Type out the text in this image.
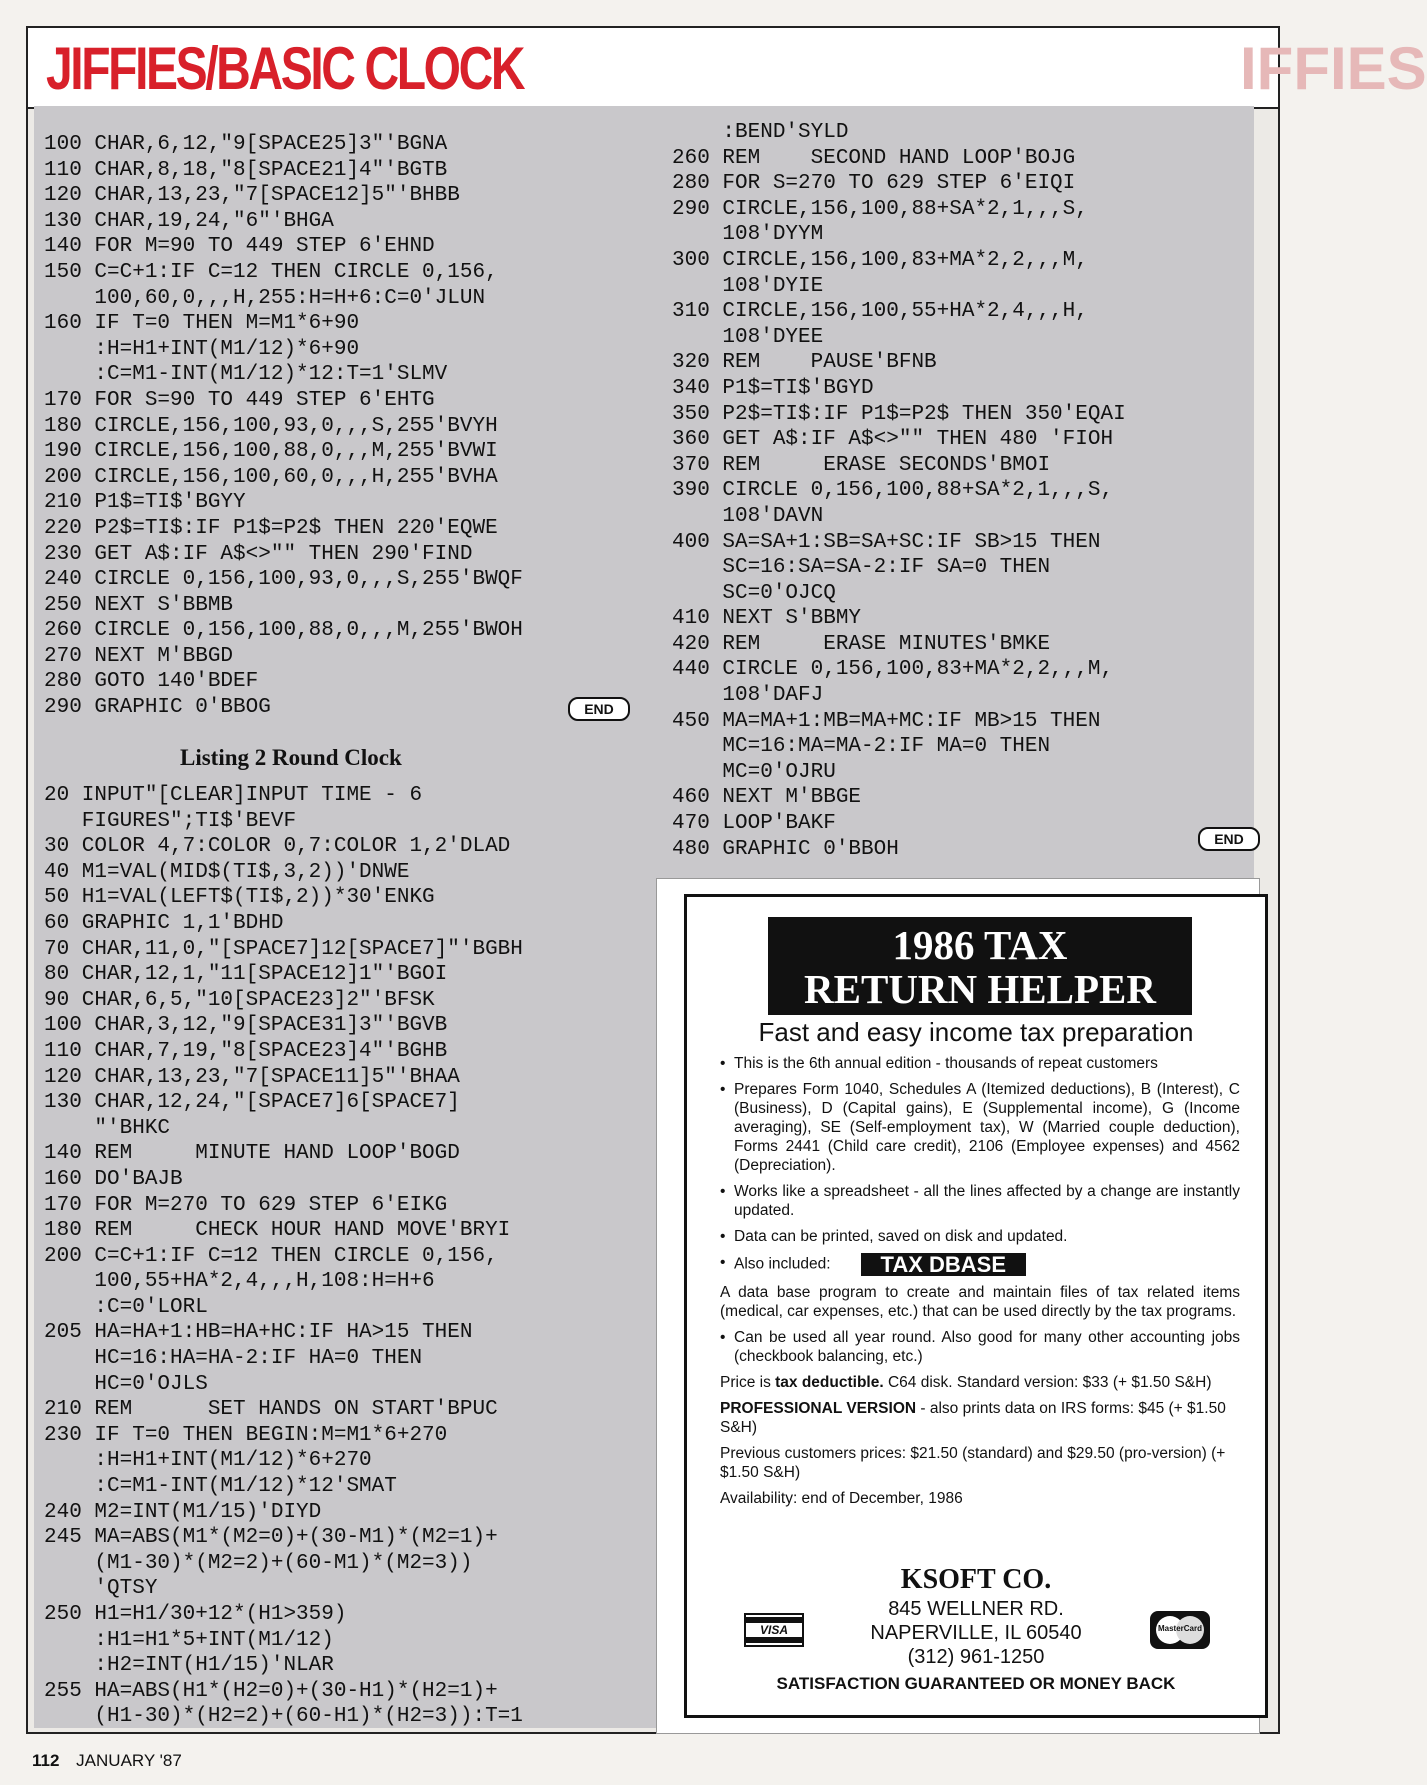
JIFFIES/BASIC CLOCK	IFFIES
100 CHAR,6,12,"9[SPACE25]3"'BGNA
110 CHAR,8,18,"8[SPACE21]4"'BGTB
120 CHAR,13,23,"7[SPACE12]5"'BHBB
130 CHAR,19,24,"6"'BHGA
140 FOR M=90 TO 449 STEP 6'EHND
150 C=C+1:IF C=12 THEN CIRCLE 0,156,
100,60,0,,,H,255:H=H+6:C=0'JLUN
160 IF T=0 THEN M=M1*6+90
:H=H1+INT(M1/12)*6+90
:C=M1-INT(M1/12)*12:T=1'SLMV
170 FOR S=90 TO 449 STEP 6'EHTG
180 CIRCLE,156,100,93,0,,,S,255'BVYH
190 CIRCLE,156,100,88,0,,,M,255'BVWI
200 CIRCLE,156,100,60,0,,,H,255'BVHA
210 P1$=TI$'BGYY
220 P2$=TI$:IF P1$=P2$ THEN 220'EQWE
230 GET A$:IF A$<>"" THEN 290'FIND
240 CIRCLE 0,156,100,93,0,,,S,255'BWQF
250 NEXT S'BBMB
260 CIRCLE 0,156,100,88,0,,,M,255'BWOH
270 NEXT M'BBGD
280 GOTO 140'BDEF
290 GRAPHIC 0'BBOG	END
Listing 2 Round Clock
20 INPUT"[CLEAR]INPUT TIME - 6
FIGURES";TI$'BEVF
30 COLOR 4,7:COLOR 0,7:COLOR 1,2'DLAD
40 M1=VAL(MID$(TI$,3,2))'DNWE
50 H1=VAL(LEFT$(TI$,2))*30'ENKG
60 GRAPHIC 1,1'BDHD
70 CHAR,11,0,"[SPACE7]12[SPACE7]"'BGBH
80 CHAR,12,1,"11[SPACE12]1"'BGOI
90 CHAR,6,5,"10[SPACE23]2"'BFSK
100 CHAR,3,12,"9[SPACE31]3"'BGVB
110 CHAR,7,19,"8[SPACE23]4"'BGHB
120 CHAR,13,23,"7[SPACE11]5"'BHAA
130 CHAR,12,24,"[SPACE7]6[SPACE7]
"'BHKC
140 REM     MINUTE HAND LOOP'BOGD
160 DO'BAJB
170 FOR M=270 TO 629 STEP 6'EIKG
180 REM     CHECK HOUR HAND MOVE'BRYI
200 C=C+1:IF C=12 THEN CIRCLE 0,156,
100,55+HA*2,4,,,H,108:H=H+6
:C=0'LORL
205 HA=HA+1:HB=HA+HC:IF HA>15 THEN
HC=16:HA=HA-2:IF HA=0 THEN
HC=0'OJLS
210 REM      SET HANDS ON START'BPUC
230 IF T=0 THEN BEGIN:M=M1*6+270
:H=H1+INT(M1/12)*6+270
:C=M1-INT(M1/12)*12'SMAT
240 M2=INT(M1/15)'DIYD
245 MA=ABS(M1*(M2=0)+(30-M1)*(M2=1)+
(M1-30)*(M2=2)+(60-M1)*(M2=3))
'QTSY
250 H1=H1/30+12*(H1>359)
:H1=H1*5+INT(M1/12)
:H2=INT(H1/15)'NLAR
255 HA=ABS(H1*(H2=0)+(30-H1)*(H2=1)+
(H1-30)*(H2=2)+(60-H1)*(H2=3)):T=1
:BEND'SYLD
260 REM    SECOND HAND LOOP'BOJG
280 FOR S=270 TO 629 STEP 6'EIQI
290 CIRCLE,156,100,88+SA*2,1,,,S,
108'DYYM
300 CIRCLE,156,100,83+MA*2,2,,,M,
108'DYIE
310 CIRCLE,156,100,55+HA*2,4,,,H,
108'DYEE
320 REM    PAUSE'BFNB
340 P1$=TI$'BGYD
350 P2$=TI$:IF P1$=P2$ THEN 350'EQAI
360 GET A$:IF A$<>"" THEN 480 'FIOH
370 REM     ERASE SECONDS'BMOI
390 CIRCLE 0,156,100,88+SA*2,1,,,S,
108'DAVN
400 SA=SA+1:SB=SA+SC:IF SB>15 THEN
SC=16:SA=SA-2:IF SA=0 THEN
SC=0'OJCQ
410 NEXT S'BBMY
420 REM     ERASE MINUTES'BMKE
440 CIRCLE 0,156,100,83+MA*2,2,,,M,
108'DAFJ
450 MA=MA+1:MB=MA+MC:IF MB>15 THEN
MC=16:MA=MA-2:IF MA=0 THEN
MC=0'OJRU
460 NEXT M'BBGE
470 LOOP'BAKF
480 GRAPHIC 0'BBOH	END
1986 TAX
RETURN HELPER
Fast and easy income tax preparation
• This is the 6th annual edition - thousands of repeat customers
• Prepares Form 1040, Schedules A (Itemized deductions), B (Interest), C (Business), D (Capital gains), E (Supplemental income), G (Income averaging), SE (Self-employment tax), W (Married couple deduction), Forms 2441 (Child care credit), 2106 (Employee expenses) and 4562 (Depreciation).
• Works like a spreadsheet - all the lines affected by a change are instantly updated.
• Data can be printed, saved on disk and updated.
• Also included: TAX DBASE
A data base program to create and maintain files of tax related items (medical, car expenses, etc.) that can be used directly by the tax programs.
• Can be used all year round. Also good for many other accounting jobs (checkbook balancing, etc.)
Price is tax deductible. C64 disk. Standard version: $33 (+ $1.50 S&H)
PROFESSIONAL VERSION - also prints data on IRS forms: $45 (+ $1.50 S&H)
Previous customers prices: $21.50 (standard) and $29.50 (pro-version) (+ $1.50 S&H)
Availability: end of December, 1986
KSOFT CO.
845 WELLNER RD.
NAPERVILLE, IL 60540
(312) 961-1250
VISA	MasterCard
SATISFACTION GUARANTEED OR MONEY BACK
112 JANUARY '87
